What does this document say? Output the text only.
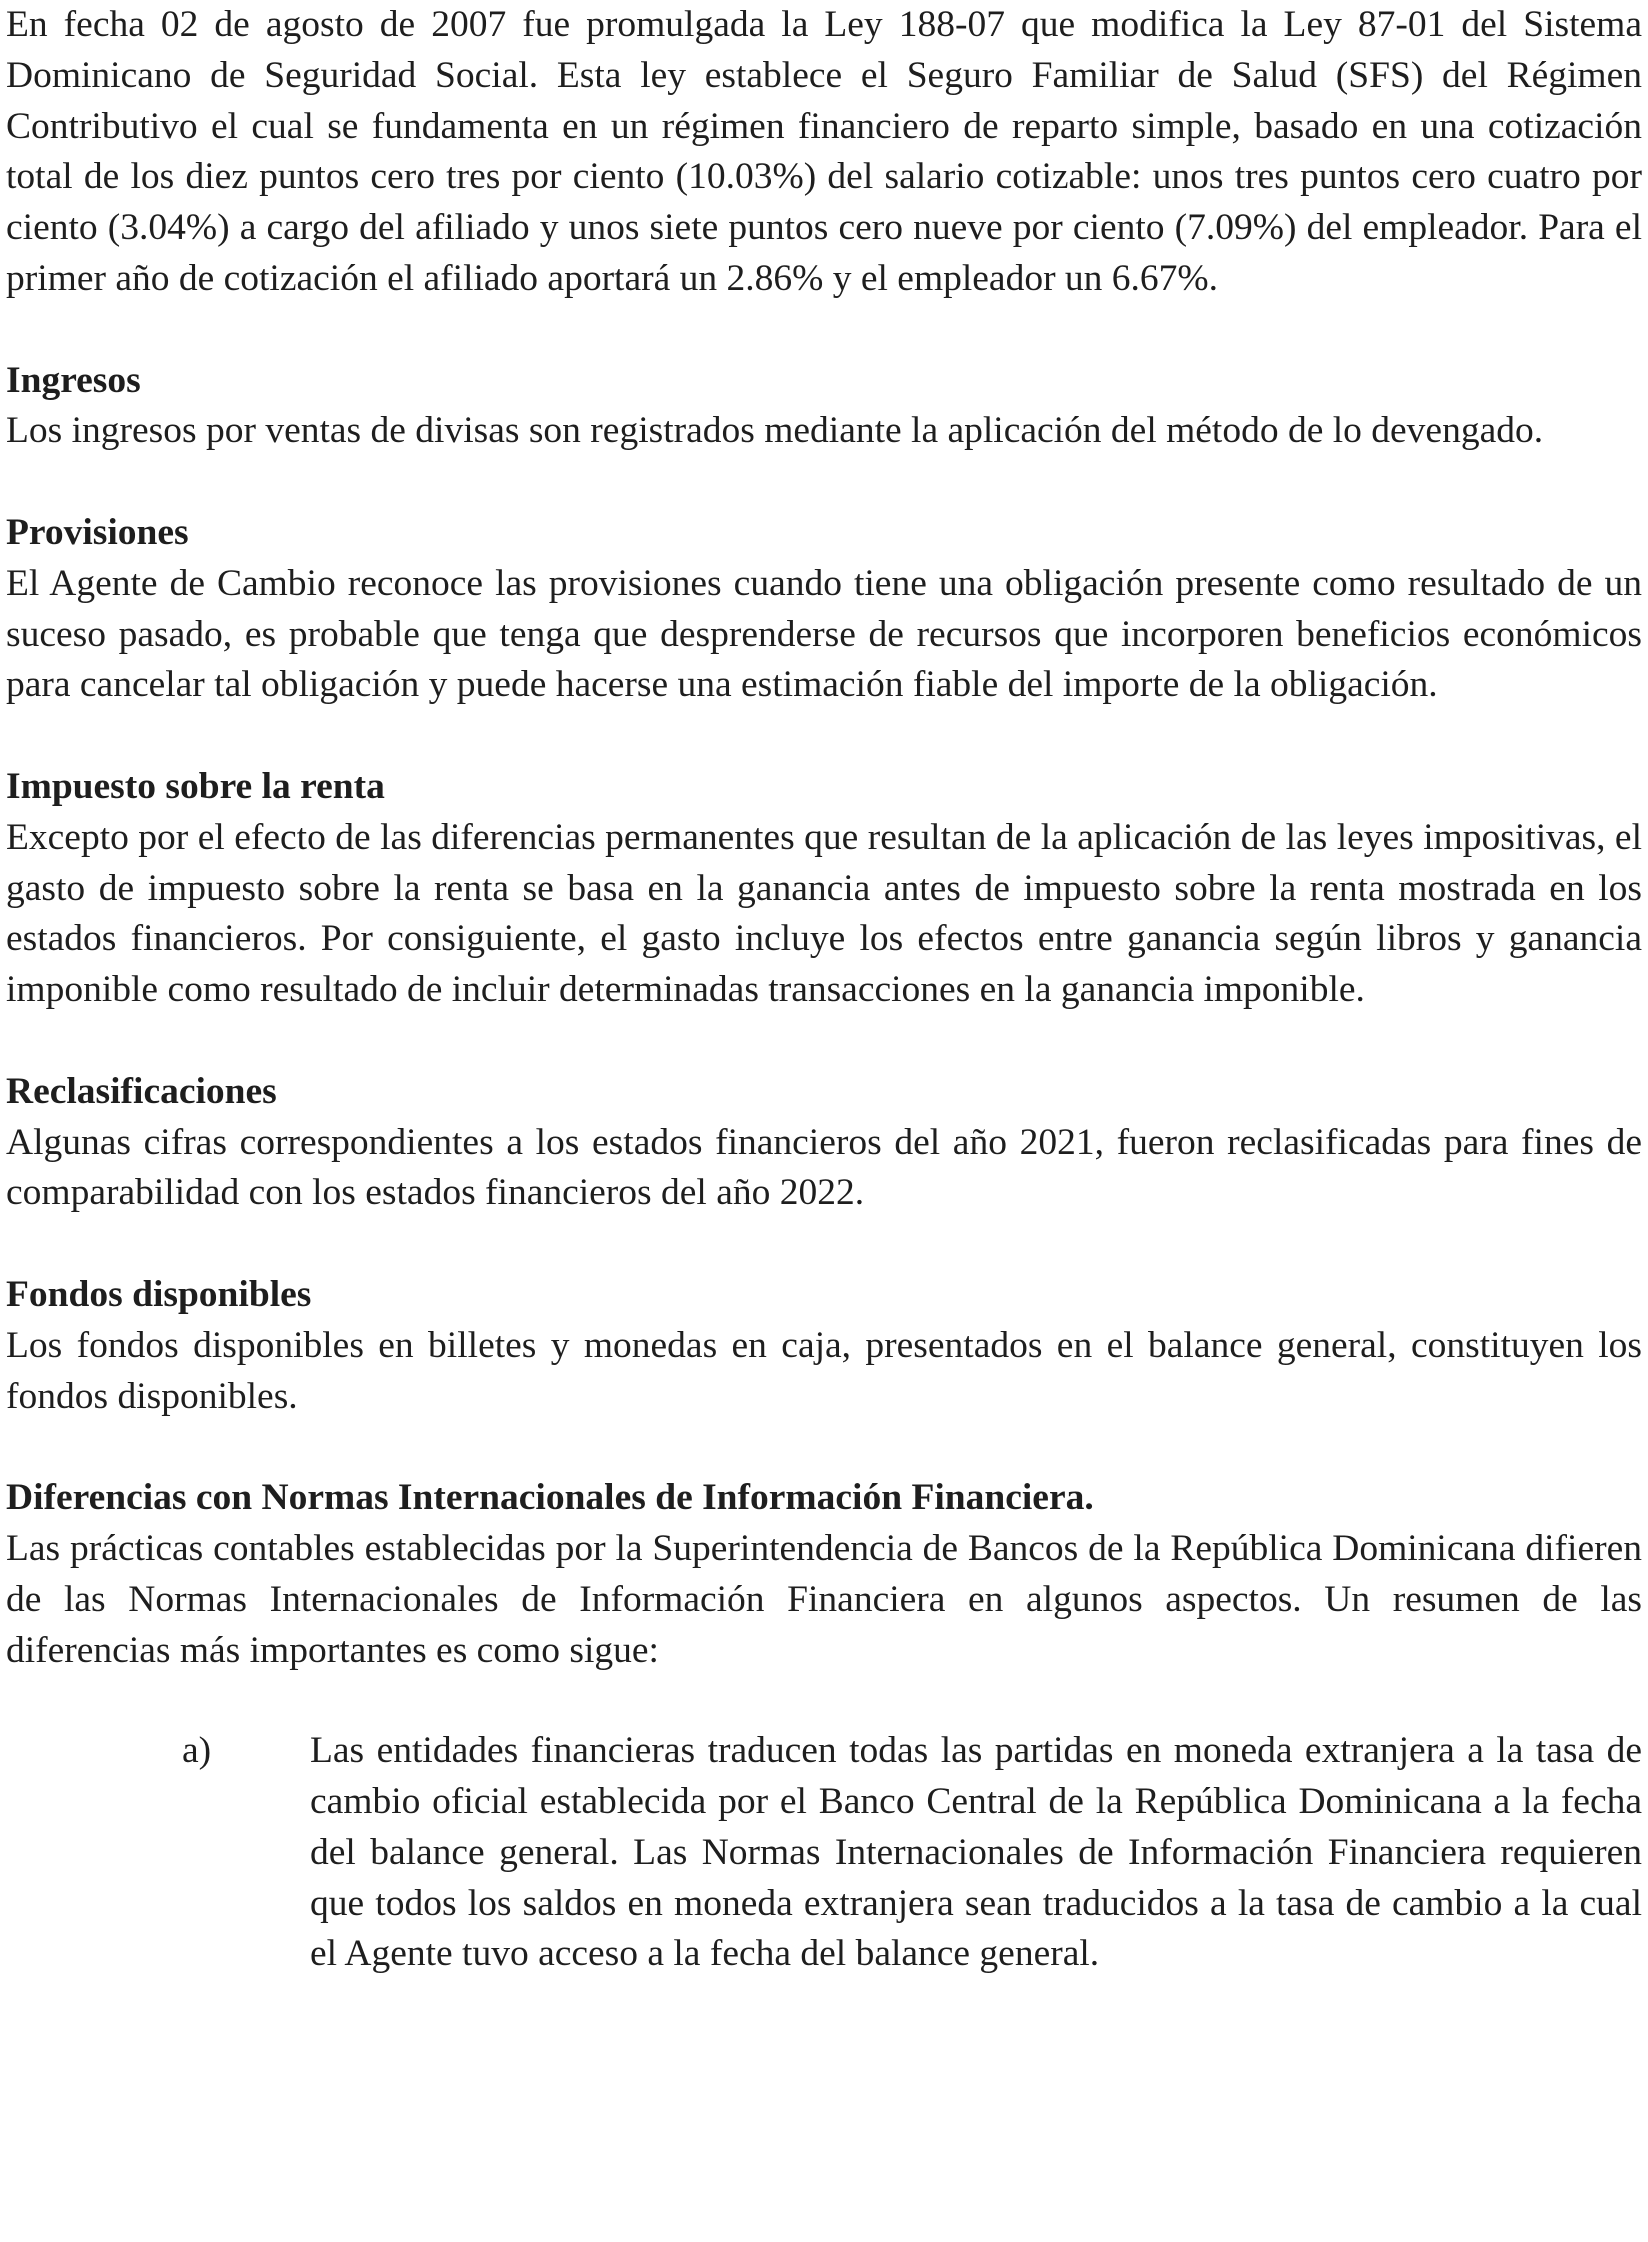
En fecha 02 de agosto de 2007 fue promulgada la Ley 188-07 que modifica la Ley 87-01 del Sistema Dominicano de Seguridad Social. Esta ley establece el Seguro Familiar de Salud (SFS) del Régimen Contributivo el cual se fundamenta en un régimen financiero de reparto simple, basado en una cotización total de los diez puntos cero tres por ciento (10.03%) del salario cotizable: unos tres puntos cero cuatro por ciento (3.04%) a cargo del afiliado y unos siete puntos cero nueve por ciento (7.09%) del empleador. Para el primer año de cotización el afiliado aportará un 2.86% y el empleador un 6.67%.

Ingresos

Los ingresos por ventas de divisas son registrados mediante la aplicación del método de lo devengado.

Provisiones

El Agente de Cambio reconoce las provisiones cuando tiene una obligación presente como resultado de un suceso pasado, es probable que tenga que desprenderse de recursos que incorporen beneficios económicos para cancelar tal obligación y puede hacerse una estimación fiable del importe de la obligación.

Impuesto sobre la renta

Excepto por el efecto de las diferencias permanentes que resultan de la aplicación de las leyes impositivas, el gasto de impuesto sobre la renta se basa en la ganancia antes de impuesto sobre la renta mostrada en los estados financieros. Por consiguiente, el gasto incluye los efectos entre ganancia según libros y ganancia imponible como resultado de incluir determinadas transacciones en la ganancia imponible.

Reclasificaciones

Algunas cifras correspondientes a los estados financieros del año 2021, fueron reclasificadas para fines de comparabilidad con los estados financieros del año 2022.

Fondos disponibles

Los fondos disponibles en billetes y monedas en caja, presentados en el balance general, constituyen los fondos disponibles.

Diferencias con Normas Internacionales de Información Financiera.

Las prácticas contables establecidas por la Superintendencia de Bancos de la República Dominicana difieren de las Normas Internacionales de Información Financiera en algunos aspectos. Un resumen de las diferencias más importantes es como sigue:

a)	Las entidades financieras traducen todas las partidas en moneda extranjera a la tasa de cambio oficial establecida por el Banco Central de la República Dominicana a la fecha del balance general. Las Normas Internacionales de Información Financiera requieren que todos los saldos en moneda extranjera sean traducidos a la tasa de cambio a la cual el Agente tuvo acceso a la fecha del balance general.
